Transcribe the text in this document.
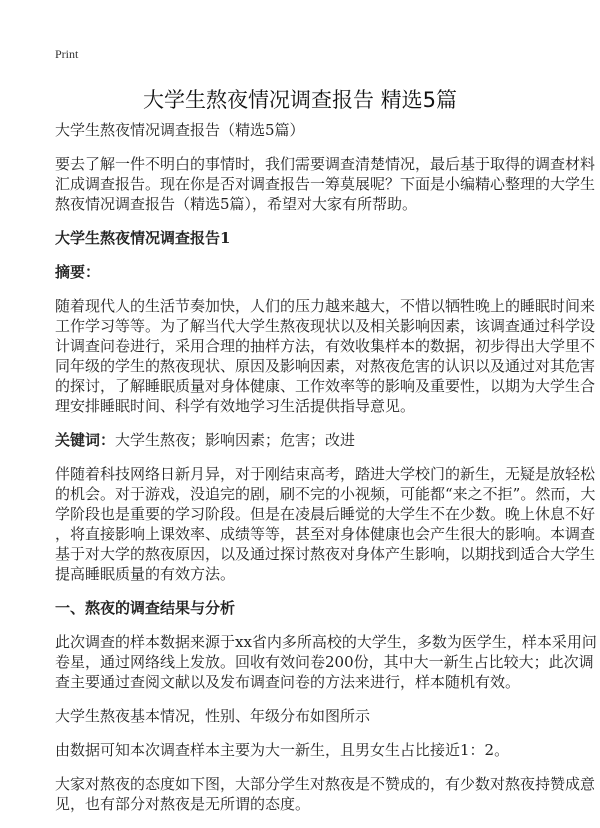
Print
大学生熬夜情况调查报告 精选5篇
大学生熬夜情况调查报告（精选5篇）
要去了解一件不明白的事情时，我们需要调查清楚情况，最后基于取得的调查材料
汇成调查报告。现在你是否对调查报告一筹莫展呢？下面是小编精心整理的大学生
熬夜情况调查报告（精选5篇），希望对大家有所帮助。
大学生熬夜情况调查报告1
摘要：
随着现代人的生活节奏加快，人们的压力越来越大，不惜以牺牲晚上的睡眠时间来
工作学习等等。为了解当代大学生熬夜现状以及相关影响因素，该调查通过科学设
计调查问卷进行，采用合理的抽样方法，有效收集样本的数据，初步得出大学里不
同年级的学生的熬夜现状、原因及影响因素，对熬夜危害的认识以及通过对其危害
的探讨，了解睡眠质量对身体健康、工作效率等的影响及重要性，以期为大学生合
理安排睡眠时间、科学有效地学习生活提供指导意见。
关键词：大学生熬夜；影响因素；危害；改进
伴随着科技网络日新月异，对于刚结束高考，踏进大学校门的新生，无疑是放轻松
的机会。对于游戏，没追完的剧，刷不完的小视频，可能都“来之不拒”。然而，大
学阶段也是重要的学习阶段。但是在凌晨后睡觉的大学生不在少数。晚上休息不好
，将直接影响上课效率、成绩等等，甚至对身体健康也会产生很大的影响。本调查
基于对大学的熬夜原因，以及通过探讨熬夜对身体产生影响，以期找到适合大学生
提高睡眠质量的有效方法。
一、熬夜的调查结果与分析
此次调查的样本数据来源于xx省内多所高校的大学生，多数为医学生，样本采用问
卷星，通过网络线上发放。回收有效问卷200份，其中大一新生占比较大；此次调
查主要通过查阅文献以及发布调查问卷的方法来进行，样本随机有效。
大学生熬夜基本情况，性别、年级分布如图所示
由数据可知本次调查样本主要为大一新生，且男女生占比接近1：2。
大家对熬夜的态度如下图，大部分学生对熬夜是不赞成的，有少数对熬夜持赞成意
见，也有部分对熬夜是无所谓的态度。
